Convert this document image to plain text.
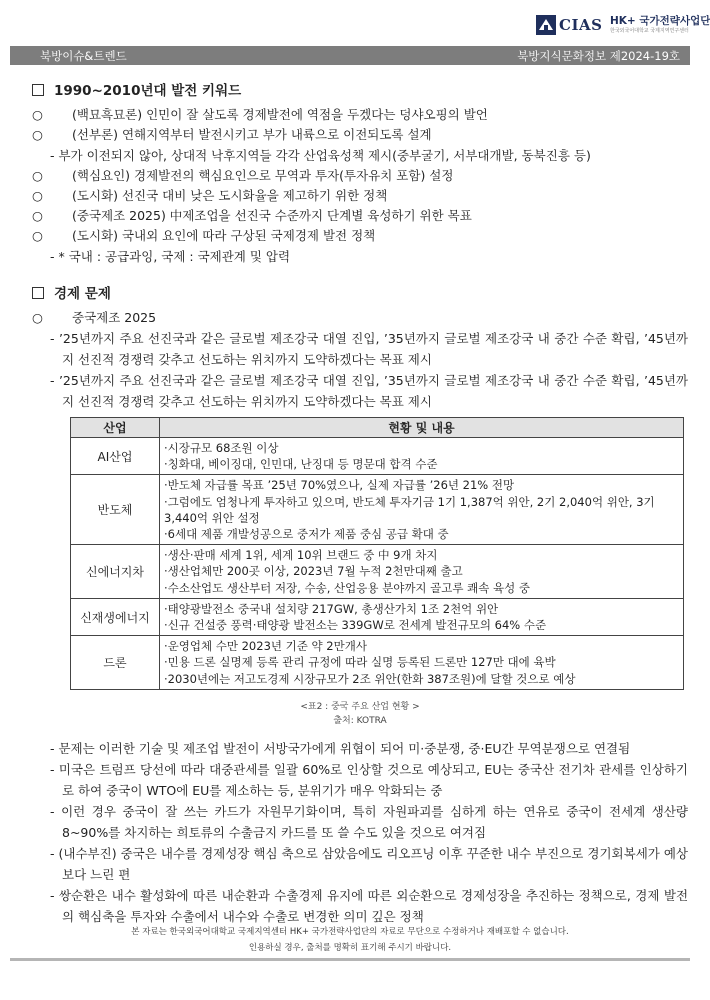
CIAS HK+ 국가전략사업단
한국외국어대학교 국제지역연구센터
북방이슈&트렌드	북방지식문화정보 제2024-19호
1990~2010년대 발전 키워드
○	(백묘흑묘론) 인민이 잘 살도록 경제발전에 역점을 두겠다는 덩샤오핑의 발언
○	(선부론) 연해지역부터 발전시키고 부가 내륙으로 이전되도록 설계
- 부가 이전되지 않아, 상대적 낙후지역들 각각 산업육성책 제시(중부굴기, 서부대개발, 동북진흥 등)
○	(핵심요인) 경제발전의 핵심요인으로 무역과 투자(투자유치 포함) 설정
○	(도시화) 선진국 대비 낮은 도시화율을 제고하기 위한 정책
○	(중국제조 2025) 中제조업을 선진국 수준까지 단계별 육성하기 위한 목표
○	(도시화) 국내외 요인에 따라 구상된 국제경제 발전 정책
- * 국내 : 공급과잉, 국제 : 국제관계 및 압력
경제 문제
○	중국제조 2025
- ’25년까지 주요 선진국과 같은 글로벌 제조강국 대열 진입, ’35년까지 글로벌 제조강국 내 중간 수준 확립, ’45년까지 선진적 경쟁력 갖추고 선도하는 위치까지 도약하겠다는 목표 제시
- ’25년까지 주요 선진국과 같은 글로벌 제조강국 대열 진입, ’35년까지 글로벌 제조강국 내 중간 수준 확립, ’45년까지 선진적 경쟁력 갖추고 선도하는 위치까지 도약하겠다는 목표 제시
산업	현황 및 내용
AI산업	·시장규모 68조원 이상
·칭화대, 베이징대, 인민대, 난징대 등 명문대 합격 수준

반도체	·반도체 자급률 목표 ’25년 70%였으나, 실제 자급률 ’26년 21% 전망
·그럼에도 엄청나게 투자하고 있으며, 반도체 투자기금 1기 1,387억 위안, 2기 2,040억 위안, 3기 3,440억 위안 설정
·6세대 제품 개발성공으로 중저가 제품 중심 공급 확대 중

신에너지차	·생산·판매 세계 1위, 세계 10위 브랜드 중 中 9개 차지
·생산업체만 200곳 이상, 2023년 7월 누적 2천만대째 출고
·수소산업도 생산부터 저장, 수송, 산업응용 분야까지 골고루 쾌속 육성 중

신재생에너지	·태양광발전소 중국내 설치량 217GW, 총생산가치 1조 2천억 위안
·신규 건설중 풍력·태양광 발전소는 339GW로 전세계 발전규모의 64% 수준

드론	·운영업체 수만 2023년 기준 약 2만개사
·민용 드론 실명제 등록 관리 규정에 따라 실명 등록된 드론만 127만 대에 육박
·2030년에는 저고도경제 시장규모가 2조 위안(한화 387조원)에 달할 것으로 예상
<표2 : 중국 주요 산업 현황 >
출처: KOTRA
- 문제는 이러한 기술 및 제조업 발전이 서방국가에게 위협이 되어 미·중분쟁, 중·EU간 무역분쟁으로 연결됨
- 미국은 트럼프 당선에 따라 대중관세를 일괄 60%로 인상할 것으로 예상되고, EU는 중국산 전기차 관세를 인상하기로 하여 중국이 WTO에 EU를 제소하는 등, 분위기가 매우 악화되는 중
- 이런 경우 중국이 잘 쓰는 카드가 자원무기화이며, 특히 자원파괴를 심하게 하는 연유로 중국이 전세계 생산량 8~90%를 차지하는 희토류의 수출금지 카드를 또 쓸 수도 있을 것으로 여겨짐
- (내수부진) 중국은 내수를 경제성장 핵심 축으로 삼았음에도 리오프닝 이후 꾸준한 내수 부진으로 경기회복세가 예상보다 느린 편
- 쌍순환은 내수 활성화에 따른 내순환과 수출경제 유지에 따른 외순환으로 경제성장을 추진하는 정책으로, 경제 발전의 핵심축을 투자와 수출에서 내수와 수출로 변경한 의미 깊은 정책
본 자료는 한국외국어대학교 국제지역센터 HK+ 국가전략사업단의 자료로 무단으로 수정하거나 재배포할 수 없습니다.
인용하실 경우, 출처를 명확히 표기해 주시기 바랍니다.
